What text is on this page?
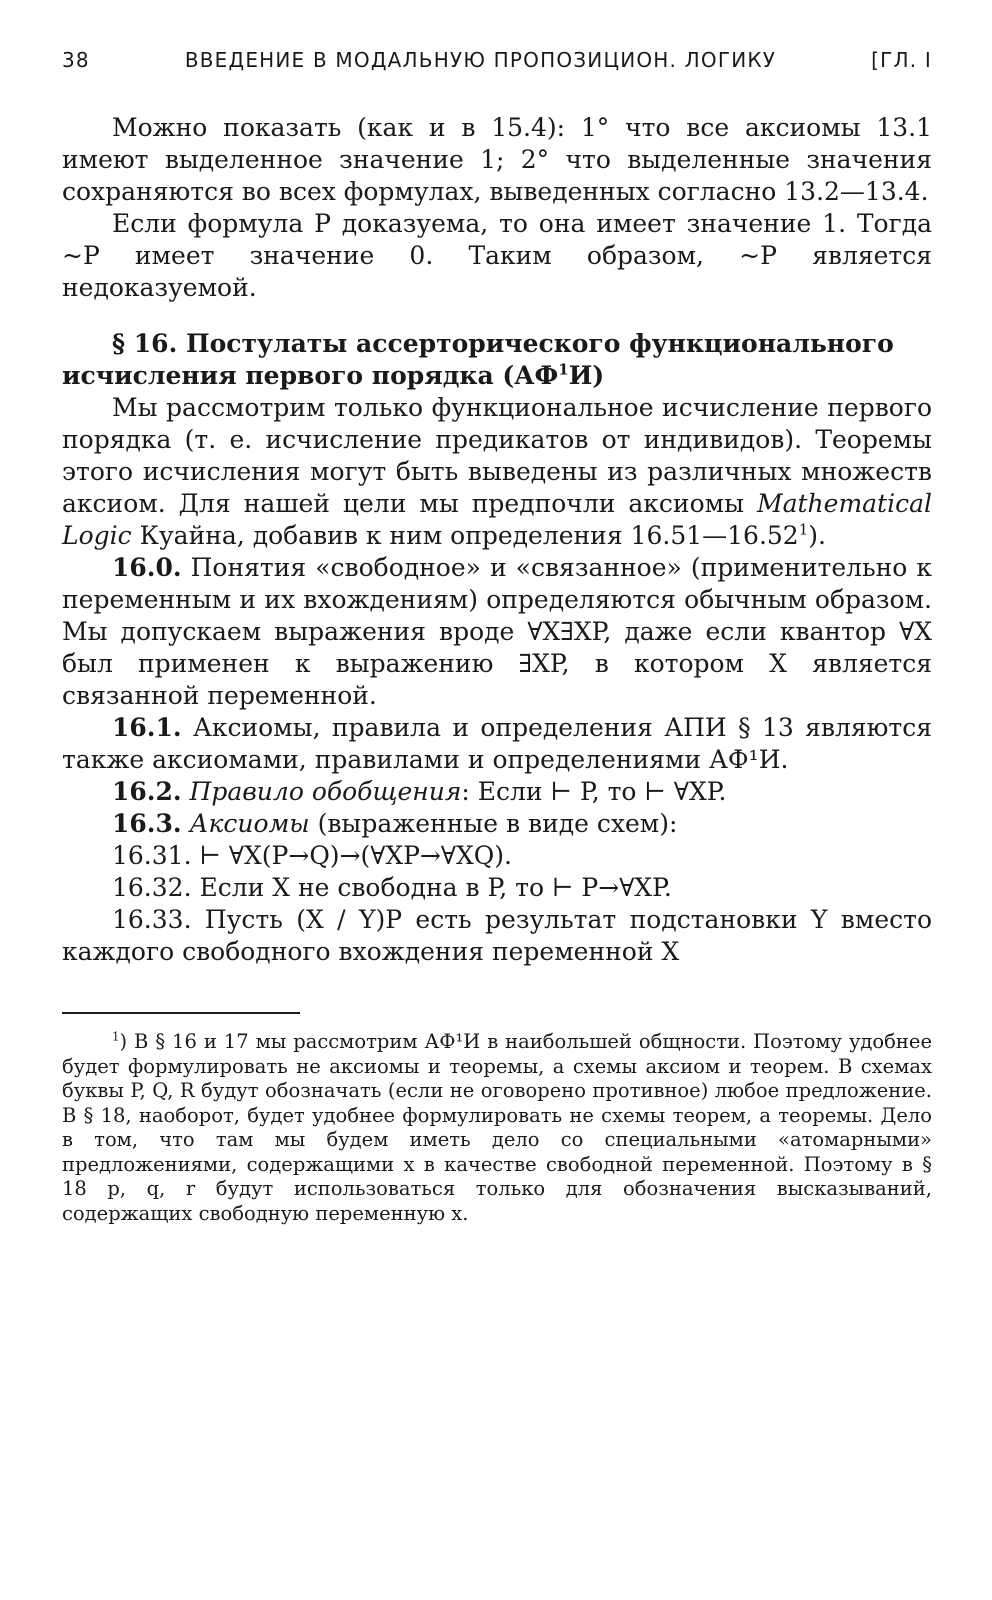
38	ВВЕДЕНИЕ В МОДАЛЬНУЮ ПРОПОЗИЦИОН. ЛОГИКУ	[ГЛ. I

Можно показать (как и в 15.4): 1° что все аксиомы 13.1 имеют выделенное значение 1; 2° что выделенные значения сохраняются во всех формулах, выведенных согласно 13.2—13.4.

Если формула P доказуема, то она имеет значение 1. Тогда ~P имеет значение 0. Таким образом, ~P является недоказуемой.

§ 16. Постулаты ассерторического функционального
исчисления первого порядка $(АФ^1И)$

Мы рассмотрим только функциональное исчисление первого порядка (т. е. исчисление предикатов от индивидов). Теоремы этого исчисления могут быть выведены из различных множеств аксиом. Для нашей цели мы предпочли аксиомы Mathematical Logic Куайна, добавив к ним определения 16.51—16.52$^1$).

16.0. Понятия «свободное» и «связанное» (применительно к переменным и их вхождениям) определяются обычным образом. Мы допускаем выражения вроде ∀X∃XP, даже если квантор ∀X был применен к выражению ∃XP, в котором X является связанной переменной.

16.1. Аксиомы, правила и определения АПИ § 13 являются также аксиомами, правилами и определениями АФ¹И.

16.2. Правило обобщения: Если ⊢ P, то ⊢ ∀XP.

16.3. Аксиомы (выраженные в виде схем):

16.31. ⊢ ∀X(P→Q)→(∀XP→∀XQ).

16.32. Если X не свободна в P, то ⊢ P→∀XP.

16.33. Пусть (X / Y)P есть результат подстановки Y вместо каждого свободного вхождения переменной X

$^1$) В § 16 и 17 мы рассмотрим АФ¹И в наибольшей общности. Поэтому удобнее будет формулировать не аксиомы и теоремы, а схемы аксиом и теорем. В схемах буквы P, Q, R будут обозначать (если не оговорено противное) любое предложение. В § 18, наоборот, будет удобнее формулировать не схемы теорем, а теоремы. Дело в том, что там мы будем иметь дело со специальными «атомарными» предложениями, содержащими x в качестве свободной переменной. Поэтому в § 18 p, q, r будут использоваться только для обозначения высказываний, содержащих свободную переменную x.
